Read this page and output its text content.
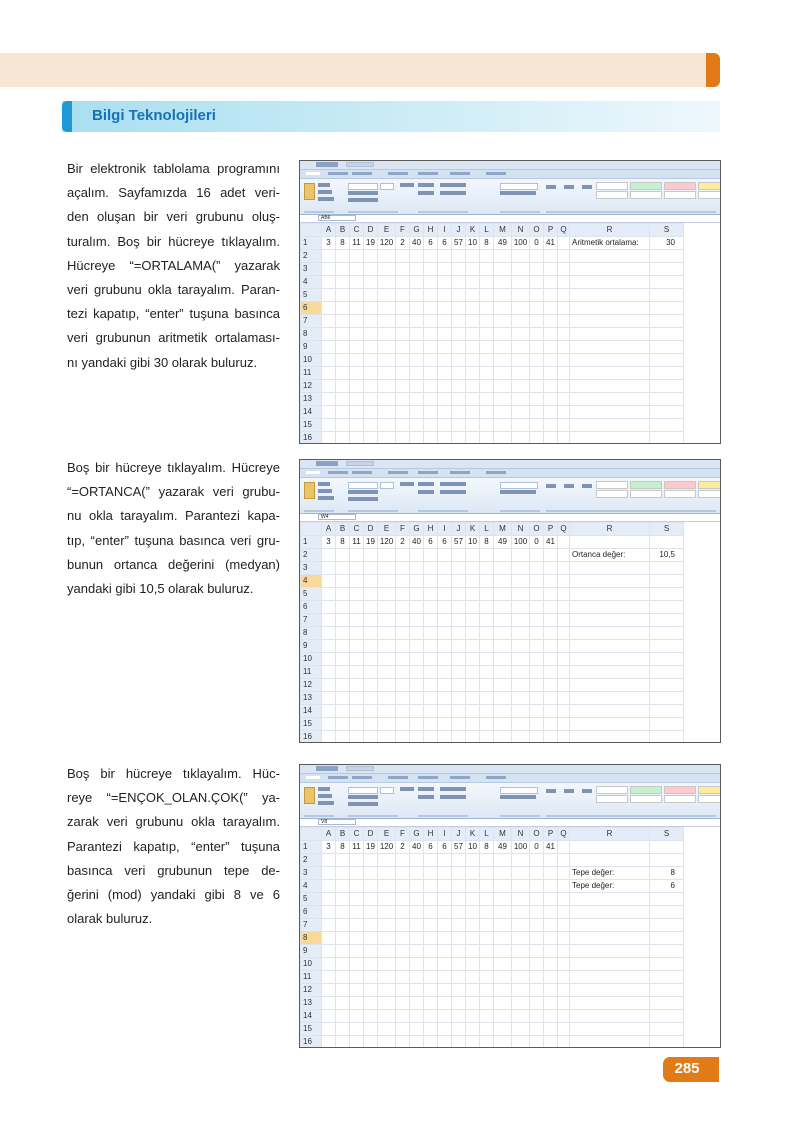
Bilgi Teknolojileri

Bir elektronik tablolama programını
açalım. Sayfamızda 16 adet veri-
den oluşan bir veri grubunu oluş-
turalım. Boş bir hücreye tıklayalım.
Hücreye “=ORTALAMA(” yazarak
veri grubunu okla tarayalım. Paran-
tezi kapatıp, “enter” tuşuna basınca
veri grubunun aritmetik ortalaması-
nı yandaki gibi 30 olarak buluruz.

Boş bir hücreye tıklayalım. Hücreye
“=ORTANCA(” yazarak veri grubu-
nu okla tarayalım. Parantezi kapa-
tıp, “enter” tuşuna basınca veri gru-
bunun ortanca değerini (medyan)
yandaki gibi 10,5 olarak buluruz.

Boş bir hücreye tıklayalım. Hüc-
reye “=ENÇOK_OLAN.ÇOK(” ya-
zarak veri grubunu okla tarayalım.
Parantezi kapatıp, “enter” tuşuna
basınca veri grubunun tepe de-
ğerini (mod) yandaki gibi 8 ve 6
olarak buluruz.

AB6
	A	B	C	D	E	F	G	H	I	J	K	L	M	N	O	P	Q	R	S
1	3	8	11	19	120	2	40	6	6	57	10	8	49	100	0	41		Aritmetik ortalama:	30
2																			
3																			
4																			
5																			
6																			
7																			
8																			
9																			
10																			
11																			
12																			
13																			
14																			
15																			
16																			
W4
	A	B	C	D	E	F	G	H	I	J	K	L	M	N	O	P	Q	R	S
1	3	8	11	19	120	2	40	6	6	57	10	8	49	100	0	41			
2																		Ortanca değer:	10,5
3																			
4																			
5																			
6																			
7																			
8																			
9																			
10																			
11																			
12																			
13																			
14																			
15																			
16																			
V8
	A	B	C	D	E	F	G	H	I	J	K	L	M	N	O	P	Q	R	S
1	3	8	11	19	120	2	40	6	6	57	10	8	49	100	0	41			
2																			
3																		Tepe değer:	8
4																		Tepe değer:	6
5																			
6																			
7																			
8																			
9																			
10																			
11																			
12																			
13																			
14																			
15																			
16																			
285
